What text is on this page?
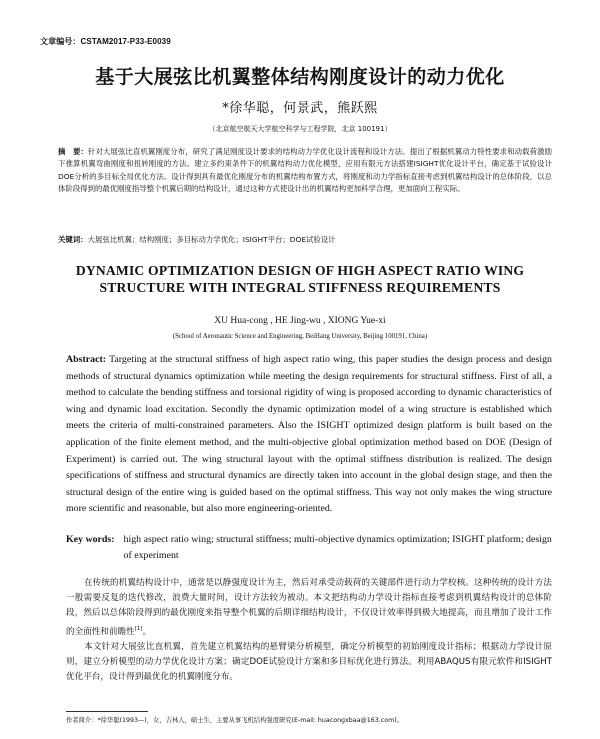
文章编号：CSTAM2017-P33-E0039
基于大展弦比机翼整体结构刚度设计的动力优化
*徐华聪，何景武，熊跃熙
（北京航空航天大学航空科学与工程学院，北京 100191）
摘　要：针对大展弦比直机翼刚度分布，研究了满足刚度设计要求的结构动力学优化设计流程和设计方法。提出了根据机翼动力特性要求和动载荷激励下推算机翼弯曲刚度和扭转刚度的方法。建立多约束条件下的机翼结构动力优化模型，应用有限元方法搭建ISIGHT优化设计平台，确定基于试验设计DOE分析的多目标全局优化方法。设计得到具有最优化刚度分布的机翼结构布置方式，将刚度和动力学指标直接考虑到机翼结构设计的总体阶段，以总体阶段得到的最优刚度指导整个机翼后期的结构设计，通过这种方式使设计出的机翼结构更加科学合理，更加面向工程实际。
关键词：大展弦比机翼；结构刚度；多目标动力学优化；ISIGHT平台；DOE试验设计
DYNAMIC OPTIMIZATION DESIGN OF HIGH ASPECT RATIO WING
STRUCTURE WITH INTEGRAL STIFFNESS REQUIREMENTS
XU Hua-cong , HE Jing-wu , XIONG Yue-xi
(School of Aeronautic Science and Engineering, BeiHang University, Beijing 100191, China)
Abstract: Targeting at the structural stiffness of high aspect ratio wing, this paper studies the design process and design methods of structural dynamics optimization while meeting the design requirements for structural stiffness. First of all, a method to calculate the bending stiffness and torsional rigidity of wing is proposed according to dynamic characteristics of wing and dynamic load excitation. Secondly the dynamic optimization model of a wing structure is established which meets the criteria of multi-constrained parameters. Also the ISIGHT optimized design platform is built based on the application of the finite element method, and the multi-objective global optimization method based on DOE (Design of Experiment) is carried out. The wing structural layout with the optimal stiffness distribution is realized. The design specifications of stiffness and structural dynamics are directly taken into account in the global design stage, and then the structural design of the entire wing is guided based on the optimal stiffness. This way not only makes the wing structure more scientific and reasonable, but also more engineering-oriented.
Key words: high aspect ratio wing; structural stiffness; multi-objective dynamics optimization; ISIGHT platform; design of experiment

在传统的机翼结构设计中，通常是以静强度设计为主，然后对承受动载荷的关键部件进行动力学校核。这种传统的设计方法一般需要反复的迭代修改，浪费大量时间，设计方法较为被动。本文把结构动力学设计指标直接考虑到机翼结构设计的总体阶段，然后以总体阶段得到的最优刚度来指导整个机翼的后期详细结构设计，不仅设计效率得到极大地提高，而且增加了设计工作的全面性和前瞻性[1]。

本文针对大展弦比直机翼，首先建立机翼结构的悬臂梁分析模型，确定分析模型的初始刚度设计指标；根据动力学设计原则，建立分析模型的动力学优化设计方案；确定DOE试验设计方案和多目标优化进行算法。利用ABAQUS有限元软件和ISIGHT优化平台，设计得到最优化的机翼刚度分布。

作者简介：*徐华聪(1993—)，女，吉林人，硕士生，主要从事飞机结构强度研究(E-mail: huacongxbaa@163.com)。
